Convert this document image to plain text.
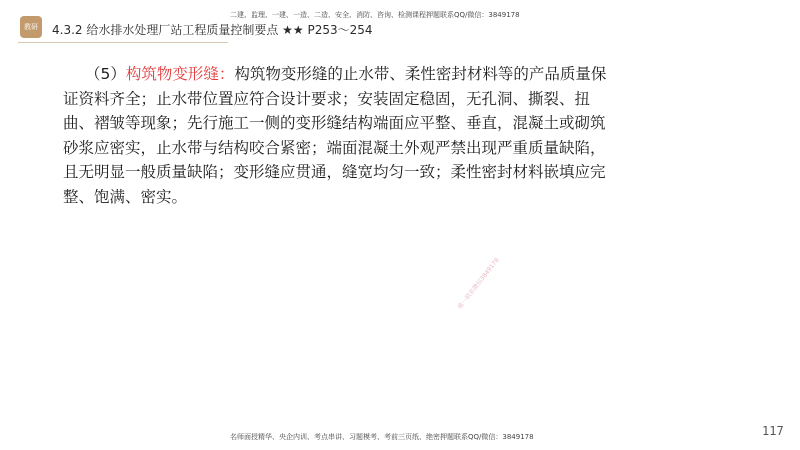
教研	4.3.2 给水排水处理厂站工程质量控制要点 ★★ P253～254
二建、监理、一建、一造、二造、安全、消防、咨询、检测课程押题联系QQ/微信：3849178
（5）构筑物变形缝：构筑物变形缝的止水带、柔性密封材料等的产品质量保证资料齐全；止水带位置应符合设计要求；安装固定稳固，无孔洞、撕裂、扭曲、褶皱等现象；先行施工一侧的变形缝结构端面应平整、垂直，混凝土或砌筑砂浆应密实，止水带与结构咬合紧密；端面混凝土外观严禁出现严重质量缺陷，且无明显一般质量缺陷；变形缝应贯通，缝宽均匀一致；柔性密封材料嵌填应完整、饱满、密实。
唯一联系微信3849178
名师面授精华、央企内训、考点串讲、习题模考、考前三页纸、绝密押题联系QQ/微信：3849178	117
